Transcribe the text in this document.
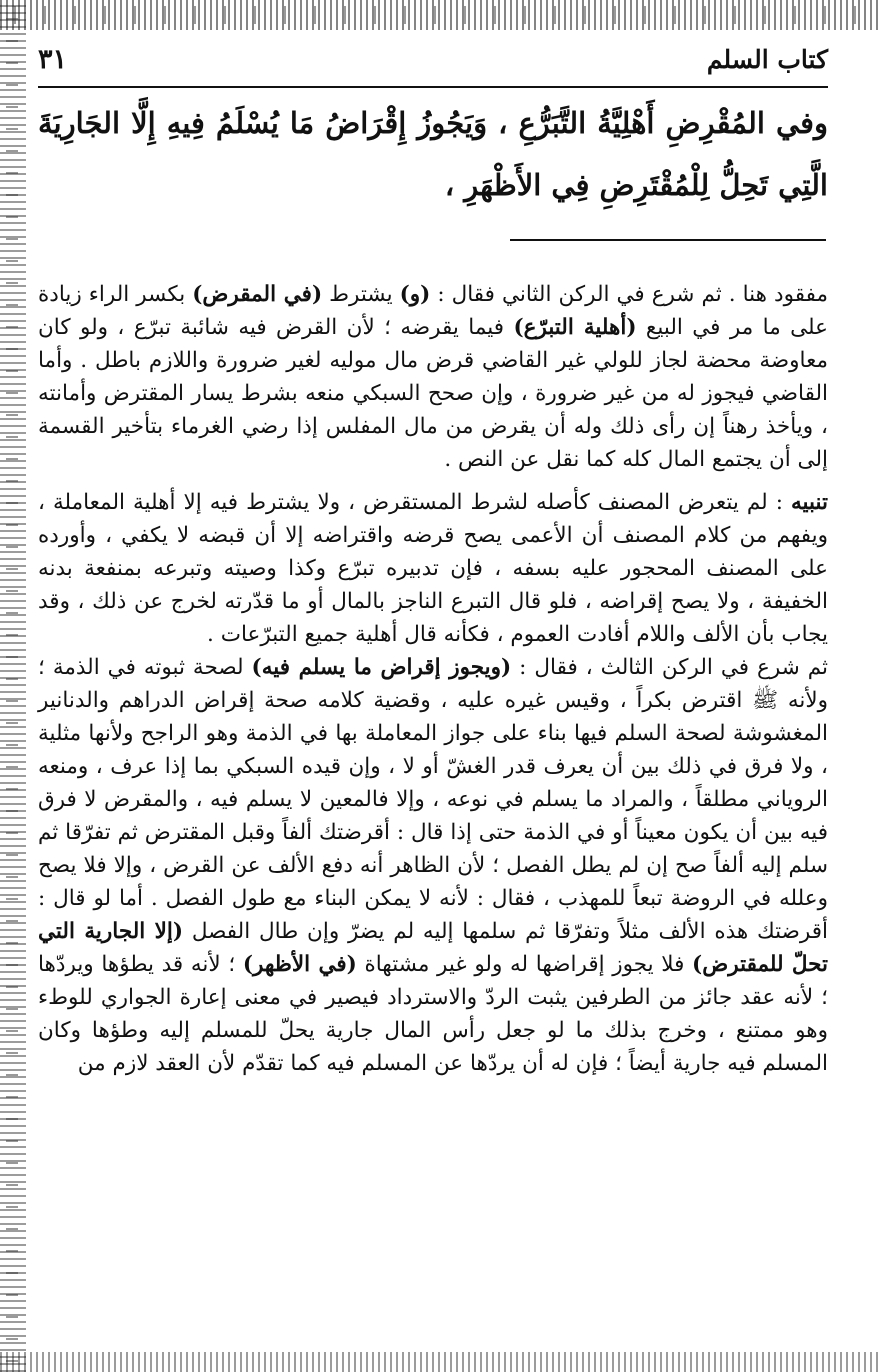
كتاب السلم
٣١
وفي المُقْرِضِ أَهْلِيَّةُ التَّبَرُّعِ ، وَيَجُوزُ إِقْرَاضُ مَا يُسْلَمُ فِيهِ إِلَّا الجَارِيَةَ الَّتِي تَحِلُّ لِلْمُقْتَرِضِ فِي الأَظْهَرِ ،

مفقود هنا . ثم شرع في الركن الثاني فقال : (و) يشترط (في المقرض) بكسر الراء زيادة على ما مر في البيع (أهلية التبرّع) فيما يقرضه ؛ لأن القرض فيه شائبة تبرّع ، ولو كان معاوضة محضة لجاز للولي غير القاضي قرض مال موليه لغير ضرورة واللازم باطل . وأما القاضي فيجوز له من غير ضرورة ، وإن صحح السبكي منعه بشرط يسار المقترض وأمانته ، ويأخذ رهناً إن رأى ذلك وله أن يقرض من مال المفلس إذا رضي الغرماء بتأخير القسمة إلى أن يجتمع المال كله كما نقل عن النص .

تنبيه : لم يتعرض المصنف كأصله لشرط المستقرض ، ولا يشترط فيه إلا أهلية المعاملة ، ويفهم من كلام المصنف أن الأعمى يصح قرضه واقتراضه إلا أن قبضه لا يكفي ، وأورده على المصنف المحجور عليه بسفه ، فإن تدبيره تبرّع وكذا وصيته وتبرعه بمنفعة بدنه الخفيفة ، ولا يصح إقراضه ، فلو قال التبرع الناجز بالمال أو ما قدّرته لخرج عن ذلك ، وقد يجاب بأن الألف واللام أفادت العموم ، فكأنه قال أهلية جميع التبرّعات .

ثم شرع في الركن الثالث ، فقال : (ويجوز إقراض ما يسلم فيه) لصحة ثبوته في الذمة ؛ ولأنه ﷺ اقترض بكراً ، وقيس غيره عليه ، وقضية كلامه صحة إقراض الدراهم والدنانير المغشوشة لصحة السلم فيها بناء على جواز المعاملة بها في الذمة وهو الراجح ولأنها مثلية ، ولا فرق في ذلك بين أن يعرف قدر الغشّ أو لا ، وإن قيده السبكي بما إذا عرف ، ومنعه الروياني مطلقاً ، والمراد ما يسلم في نوعه ، وإلا فالمعين لا يسلم فيه ، والمقرض لا فرق فيه بين أن يكون معيناً أو في الذمة حتى إذا قال : أقرضتك ألفاً وقبل المقترض ثم تفرّقا ثم سلم إليه ألفاً صح إن لم يطل الفصل ؛ لأن الظاهر أنه دفع الألف عن القرض ، وإلا فلا يصح وعلله في الروضة تبعاً للمهذب ، فقال : لأنه لا يمكن البناء مع طول الفصل . أما لو قال : أقرضتك هذه الألف مثلاً وتفرّقا ثم سلمها إليه لم يضرّ وإن طال الفصل (إلا الجارية التي تحلّ للمقترض) فلا يجوز إقراضها له ولو غير مشتهاة (في الأظهر) ؛ لأنه قد يطؤها ويردّها ؛ لأنه عقد جائز من الطرفين يثبت الردّ والاسترداد فيصير في معنى إعارة الجواري للوطء وهو ممتنع ، وخرج بذلك ما لو جعل رأس المال جارية يحلّ للمسلم إليه وطؤها وكان المسلم فيه جارية أيضاً ؛ فإن له أن يردّها عن المسلم فيه كما تقدّم لأن العقد لازم من
